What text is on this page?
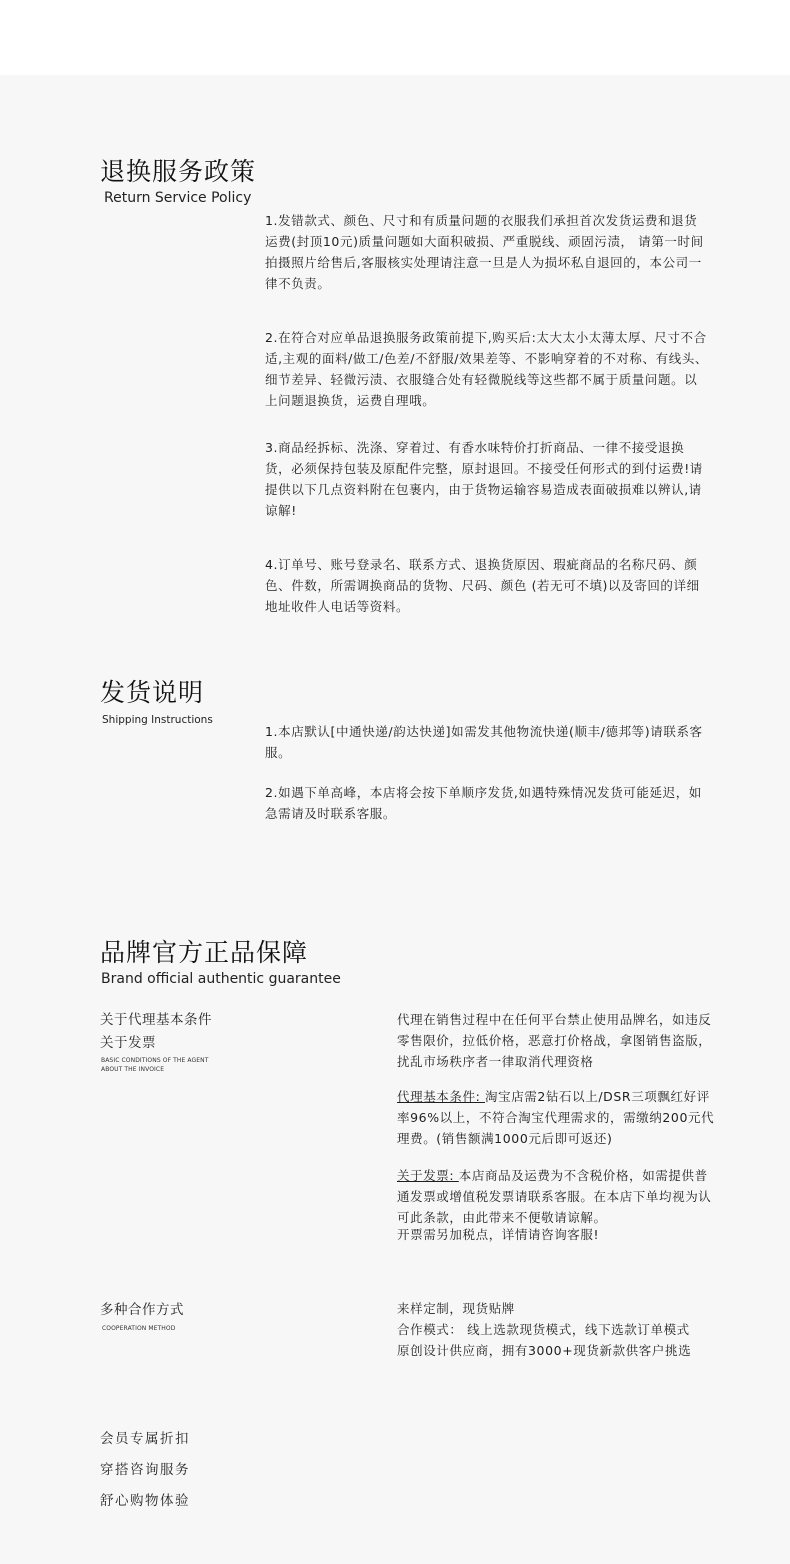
退换服务政策
Return Service Policy
1.发错款式、颜色、尺寸和有质量问题的衣服我们承担首次发货运费和退货运费(封顶10元)质量问题如大面积破损、严重脱线、顽固污渍， 请第一时间拍摄照片给售后,客服核实处理请注意一旦是人为损坏私自退回的，本公司一律不负责。
2.在符合对应单品退换服务政策前提下,购买后:太大太小太薄太厚、尺寸不合适,主观的面料/做工/色差/不舒服/效果差等、不影响穿着的不对称、有线头、细节差异、轻微污渍、衣服缝合处有轻微脱线等这些都不属于质量问题。以上问题退换货，运费自理哦。
3.商品经拆标、洗涤、穿着过、有香水味特价打折商品、一律不接受退换货，必须保持包装及原配件完整，原封退回。不接受任何形式的到付运费!请提供以下几点资料附在包裹内，由于货物运输容易造成表面破损难以辨认,请谅解!
4.订单号、账号登录名、联系方式、退换货原因、瑕疵商品的名称尺码、颜色、件数，所需调换商品的货物、尺码、颜色 (若无可不填)以及寄回的详细地址收件人电话等资料。
发货说明
Shipping Instructions
1.本店默认[中通快递/韵达快递]如需发其他物流快递(顺丰/德邦等)请联系客服。
2.如遇下单高峰，本店将会按下单顺序发货,如遇特殊情况发货可能延迟，如急需请及时联系客服。
品牌官方正品保障
Brand official authentic guarantee
关于代理基本条件
关于发票
BASIC CONDITIONS OF THE AGENT
ABOUT THE INVOICE
代理在销售过程中在任何平台禁止使用品牌名，如违反零售限价，拉低价格，恶意打价格战，拿图销售盗版，扰乱市场秩序者一律取消代理资格
代理基本条件: 淘宝店需2钻石以上/DSR三项飘红好评率96%以上，不符合淘宝代理需求的，需缴纳200元代理费。(销售额满1000元后即可返还)
关于发票: 本店商品及运费为不含税价格，如需提供普通发票或增值税发票请联系客服。在本店下单均视为认可此条款，由此带来不便敬请谅解。
开票需另加税点，详情请咨询客服!
多种合作方式
COOPERATION METHOD
来样定制，现货贴牌
合作模式： 线上选款现货模式，线下选款订单模式
原创设计供应商，拥有3000+现货新款供客户挑选
会员专属折扣
穿搭咨询服务
舒心购物体验
